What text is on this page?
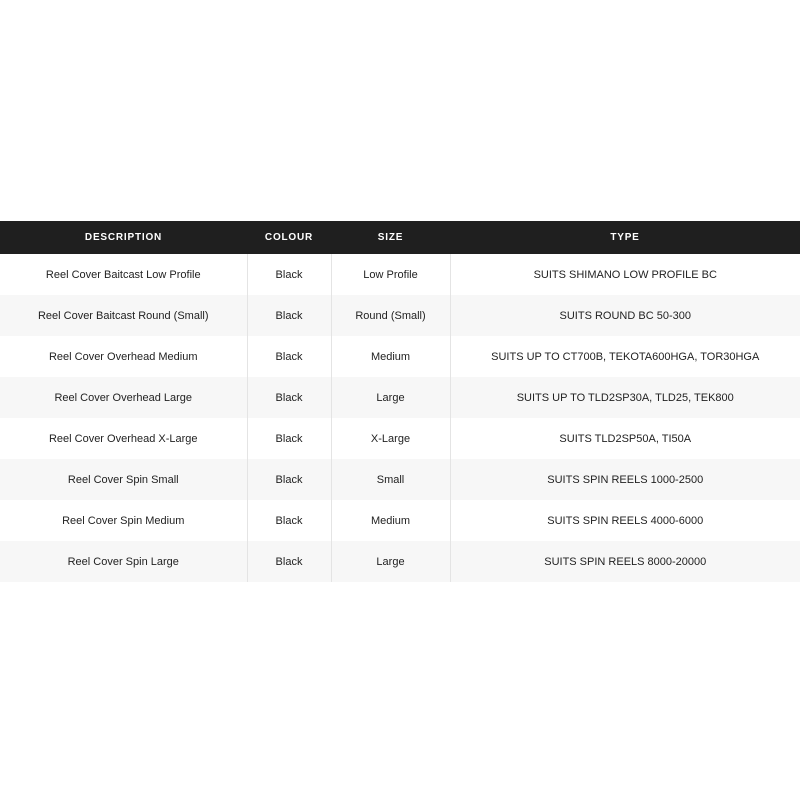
DESCRIPTION	COLOUR	SIZE	TYPE
Reel Cover Baitcast Low Profile	Black	Low Profile	SUITS SHIMANO LOW PROFILE BC
Reel Cover Baitcast Round (Small)	Black	Round (Small)	SUITS ROUND BC 50-300
Reel Cover Overhead Medium	Black	Medium	SUITS UP TO CT700B, TEKOTA600HGA, TOR30HGA
Reel Cover Overhead Large	Black	Large	SUITS UP TO TLD2SP30A, TLD25, TEK800
Reel Cover Overhead X-Large	Black	X-Large	SUITS TLD2SP50A, TI50A
Reel Cover Spin Small	Black	Small	SUITS SPIN REELS 1000-2500
Reel Cover Spin Medium	Black	Medium	SUITS SPIN REELS 4000-6000
Reel Cover Spin Large	Black	Large	SUITS SPIN REELS 8000-20000
